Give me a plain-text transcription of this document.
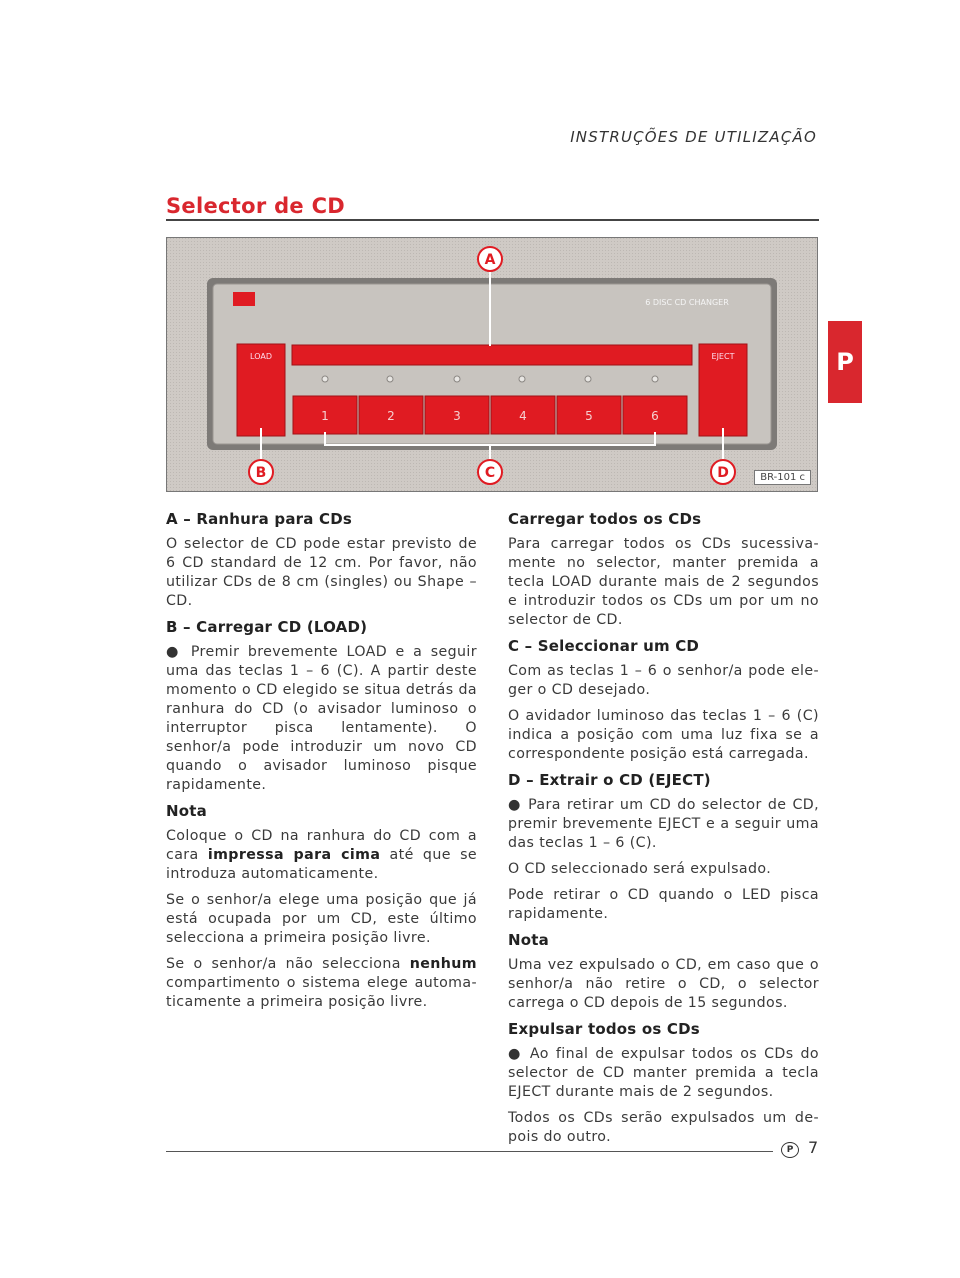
INSTRUÇÕES DE UTILIZAÇÃO
P
Selector de CD
6 DISC CD CHANGER
LOAD
1	2	3	4	5	6
EJECT
A
B	C	D	BR-101 c
A – Ranhura para CDs

O selector de CD pode estar previsto de 6 CD standard de 12 cm. Por favor, não utilizar CDs de 8 cm (singles) ou Shape – CD.

B – Carregar CD (LOAD)

● Premir brevemente LOAD e a seguir uma das teclas 1 – 6 (C). A partir deste momento o CD elegido se situa detrás da ranhura do CD (o avisador luminoso o interruptor pisca lentamente). O senhor/a pode introduzir um novo CD quando o avisador luminoso pisque rapidamente.

Nota

Coloque o CD na ranhura do CD com a cara impressa para cima até que se introduza automaticamente.

Se o senhor/a elege uma posição que já está ocupada por um CD, este último selecciona a primeira posição livre.

Se o senhor/a não selecciona nenhum compartimento o sistema elege automa-ticamente a primeira posição livre.

Carregar todos os CDs

Para carregar todos os CDs sucessiva-mente no selector, manter premida a tecla LOAD durante mais de 2 segundos e introduzir todos os CDs um por um no selector de CD.

C – Seleccionar um CD

Com as teclas 1 – 6 o senhor/a pode ele-ger o CD desejado.

O avidador luminoso das teclas 1 – 6 (C) indica a posição com uma luz fixa se a correspondente posição está carregada.

D – Extrair o CD (EJECT)

● Para retirar um CD do selector de CD, premir brevemente EJECT e a seguir uma das teclas 1 – 6 (C).

O CD seleccionado será expulsado.

Pode retirar o CD quando o LED pisca rapidamente.

Nota

Uma vez expulsado o CD, em caso que o senhor/a não retire o CD, o selector carrega o CD depois de 15 segundos.

Expulsar todos os CDs

● Ao final de expulsar todos os CDs do selector de CD manter premida a tecla EJECT durante mais de 2 segundos.

Todos os CDs serão expulsados um de-pois do outro.

P 7
